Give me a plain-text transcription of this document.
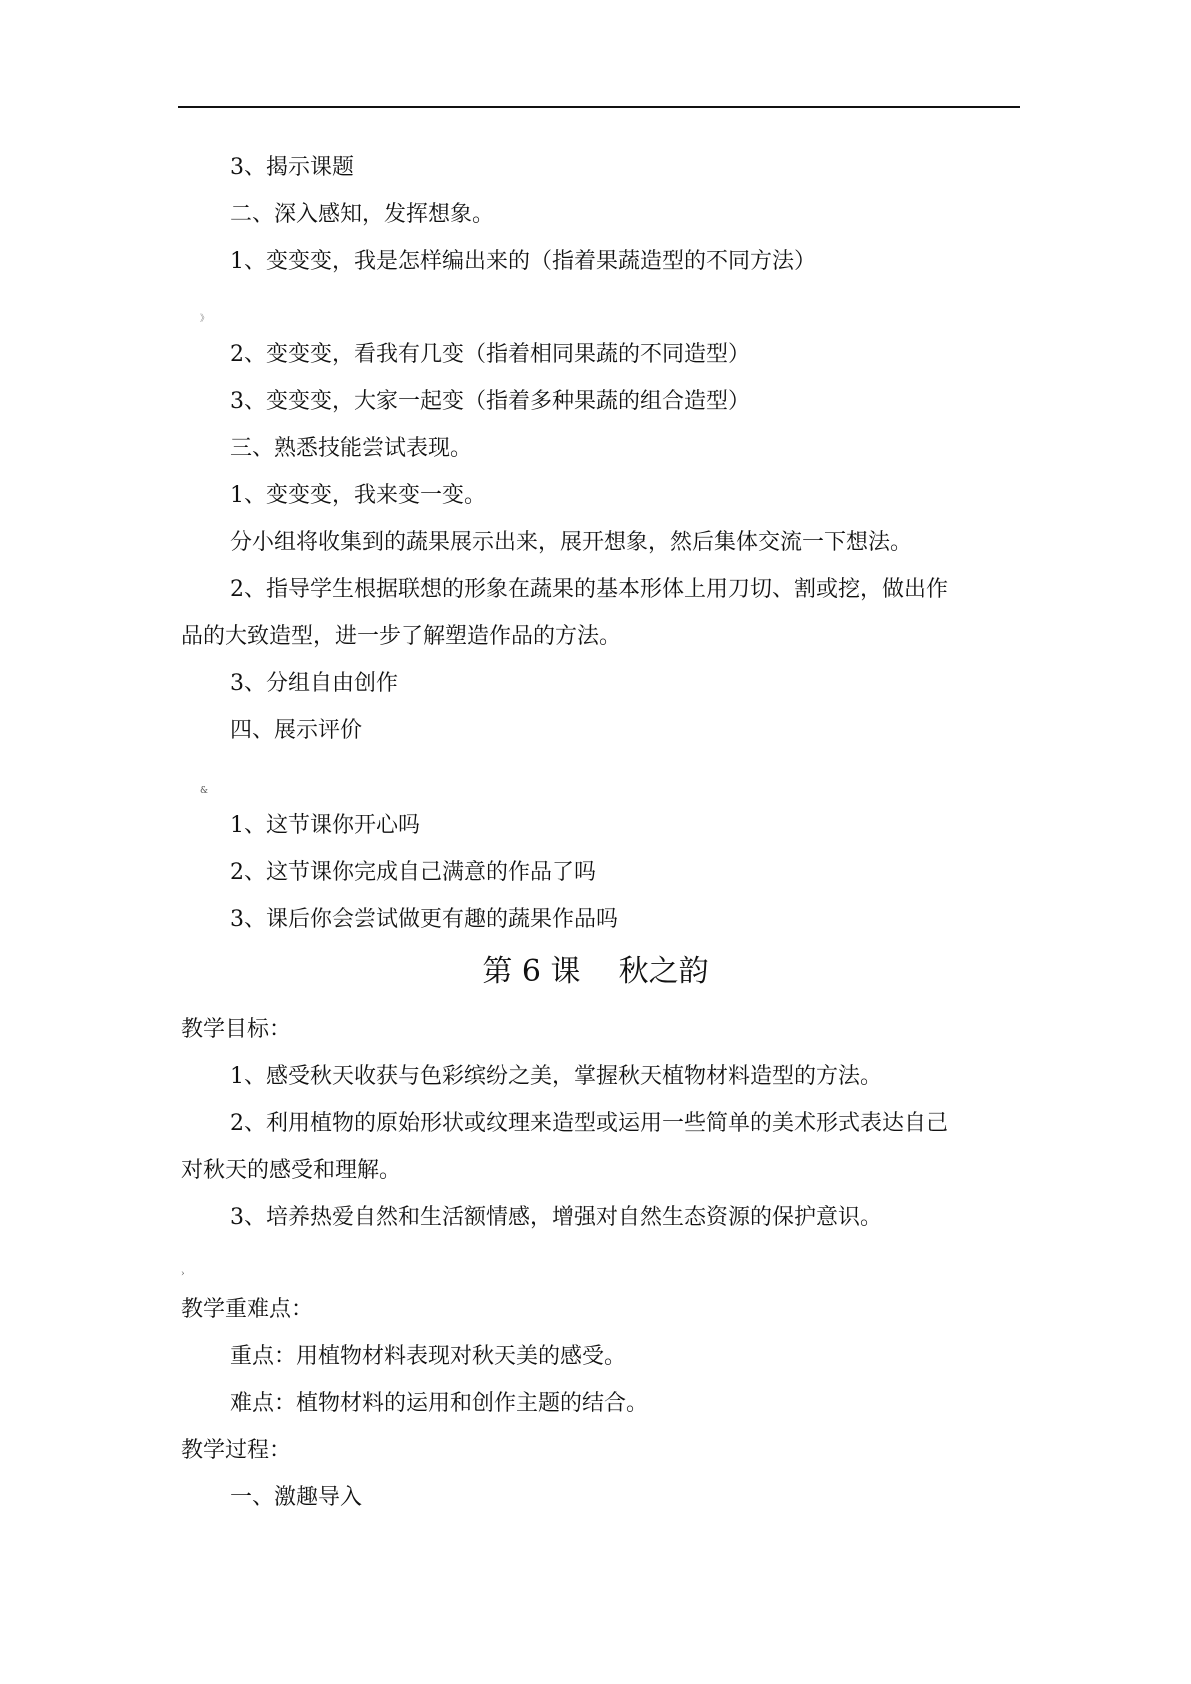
3、揭示课题
二、深入感知，发挥想象。
1、变变变，我是怎样编出来的（指着果蔬造型的不同方法）
》
2、变变变，看我有几变（指着相同果蔬的不同造型）
3、变变变，大家一起变（指着多种果蔬的组合造型）
三、熟悉技能尝试表现。
1、变变变，我来变一变。
分小组将收集到的蔬果展示出来，展开想象，然后集体交流一下想法。
2、指导学生根据联想的形象在蔬果的基本形体上用刀切、割或挖，做出作
品的大致造型，进一步了解塑造作品的方法。
3、分组自由创作
四、展示评价
&
1、这节课你开心吗
2、这节课你完成自己满意的作品了吗
3、课后你会尝试做更有趣的蔬果作品吗
第 6 课    秋之韵
教学目标：
1、感受秋天收获与色彩缤纷之美，掌握秋天植物材料造型的方法。
2、利用植物的原始形状或纹理来造型或运用一些简单的美术形式表达自己
对秋天的感受和理解。
3、培养热爱自然和生活额情感，增强对自然生态资源的保护意识。
›
教学重难点：
重点：用植物材料表现对秋天美的感受。
难点：植物材料的运用和创作主题的结合。
教学过程：
一、激趣导入
